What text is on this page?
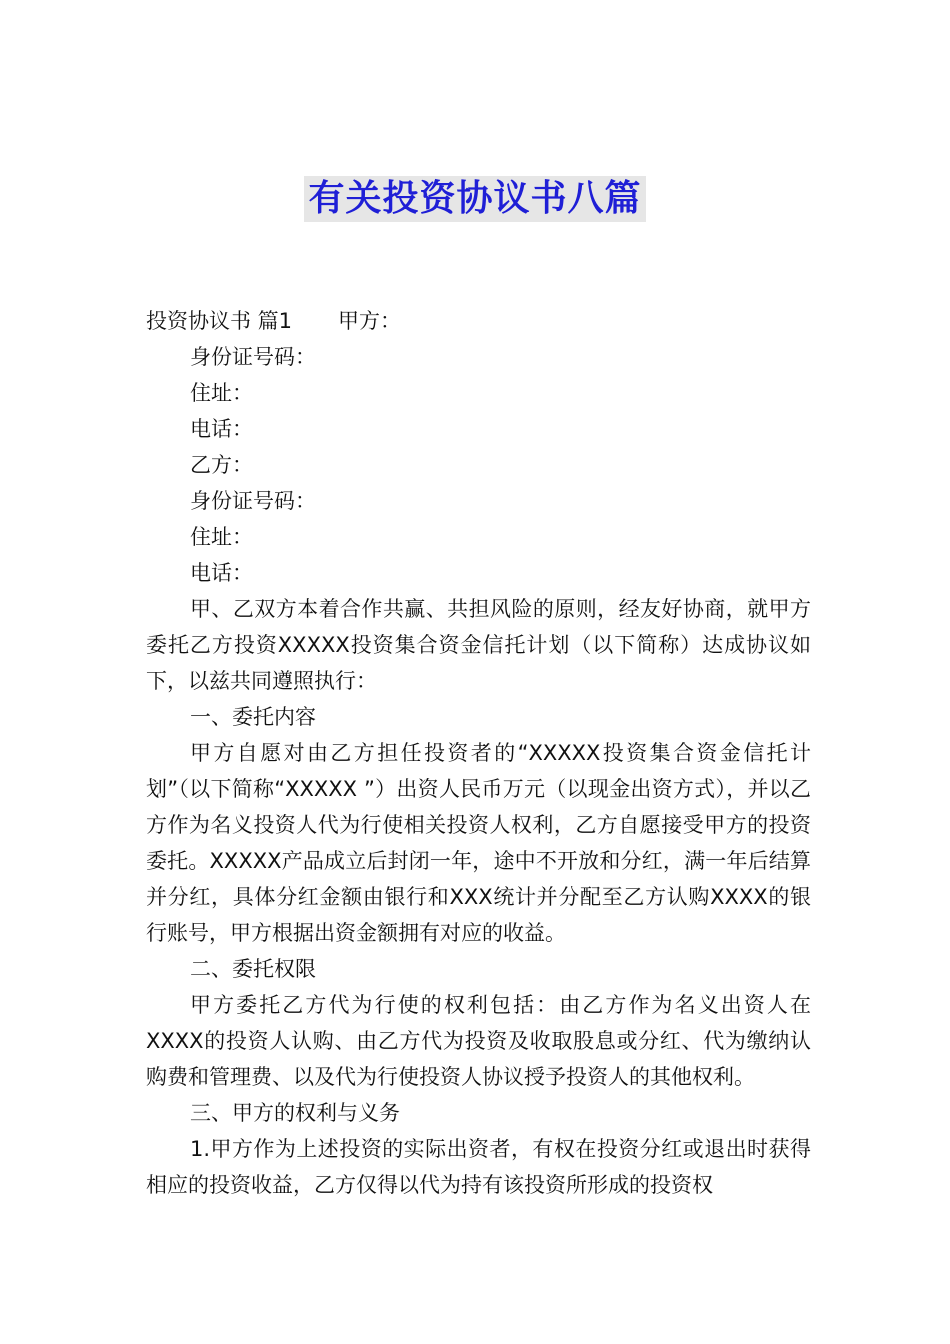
有关投资协议书八篇
投资协议书 篇1 甲方：
身份证号码：
住址：
电话：
乙方：
身份证号码：
住址：
电话：
甲、乙双方本着合作共赢、共担风险的原则，经友好协商，就甲方委托乙方投资XXXXX投资集合资金信托计划（以下简称）达成协议如下，以兹共同遵照执行：
一、委托内容
甲方自愿对由乙方担任投资者的“XXXXX投资集合资金信托计划”（以下简称“XXXXX ”）出资人民币万元（以现金出资方式），并以乙方作为名义投资人代为行使相关投资人权利，乙方自愿接受甲方的投资委托。XXXXX产品成立后封闭一年，途中不开放和分红，满一年后结算并分红，具体分红金额由银行和XXX统计并分配至乙方认购XXXX的银行账号，甲方根据出资金额拥有对应的收益。
二、委托权限
甲方委托乙方代为行使的权利包括：由乙方作为名义出资人在XXXX的投资人认购、由乙方代为投资及收取股息或分红、代为缴纳认购费和管理费、以及代为行使投资人协议授予投资人的其他权利。
三、甲方的权利与义务
1.甲方作为上述投资的实际出资者，有权在投资分红或退出时获得相应的投资收益，乙方仅得以代为持有该投资所形成的投资权
